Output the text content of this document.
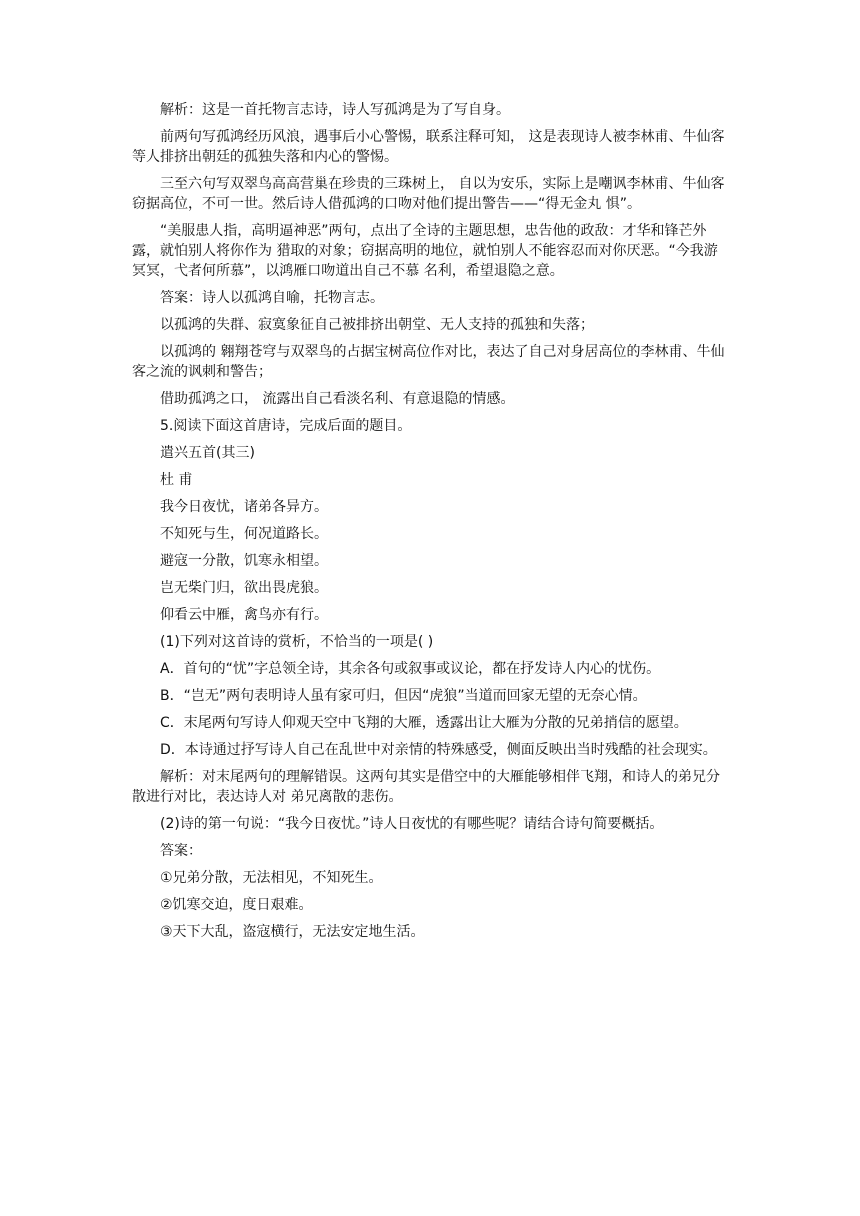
解析：这是一首托物言志诗，诗人写孤鸿是为了写自身。

前两句写孤鸿经历风浪，遇事后小心警惕，联系注释可知， 这是表现诗人被李林甫、牛仙客等人排挤出朝廷的孤独失落和内心的警惕。

三至六句写双翠鸟高高营巢在珍贵的三珠树上， 自以为安乐，实际上是嘲讽李林甫、牛仙客窃据高位，不可一世。然后诗人借孤鸿的口吻对他们提出警告——“得无金丸 惧”。

“美服患人指，高明逼神恶”两句，点出了全诗的主题思想，忠告他的政敌：才华和锋芒外露，就怕别人将你作为 猎取的对象；窃据高明的地位，就怕别人不能容忍而对你厌恶。“今我游冥冥，弋者何所慕”，以鸿雁口吻道出自己不慕 名利，希望退隐之意。

答案：诗人以孤鸿自喻，托物言志。

以孤鸿的失群、寂寞象征自己被排挤出朝堂、无人支持的孤独和失落；

以孤鸿的 翱翔苍穹与双翠鸟的占据宝树高位作对比，表达了自己对身居高位的李林甫、牛仙客之流的讽刺和警告；

借助孤鸿之口， 流露出自己看淡名利、有意退隐的情感。

5.阅读下面这首唐诗，完成后面的题目。

遣兴五首(其三)

杜 甫

我今日夜忧，诸弟各异方。

不知死与生，何况道路长。

避寇一分散，饥寒永相望。

岂无柴门归，欲出畏虎狼。

仰看云中雁，禽鸟亦有行。

(1)下列对这首诗的赏析，不恰当的一项是( )

A．首句的“忧”字总领全诗，其余各句或叙事或议论，都在抒发诗人内心的忧伤。

B．“岂无”两句表明诗人虽有家可归，但因“虎狼”当道而回家无望的无奈心情。

C．末尾两句写诗人仰观天空中飞翔的大雁，透露出让大雁为分散的兄弟捎信的愿望。

D．本诗通过抒写诗人自己在乱世中对亲情的特殊感受，侧面反映出当时残酷的社会现实。

解析：对末尾两句的理解错误。这两句其实是借空中的大雁能够相伴飞翔，和诗人的弟兄分散进行对比，表达诗人对 弟兄离散的悲伤。

(2)诗的第一句说：“我今日夜忧。”诗人日夜忧的有哪些呢？请结合诗句简要概括。

答案：

①兄弟分散，无法相见，不知死生。

②饥寒交迫，度日艰难。

③天下大乱，盗寇横行，无法安定地生活。
